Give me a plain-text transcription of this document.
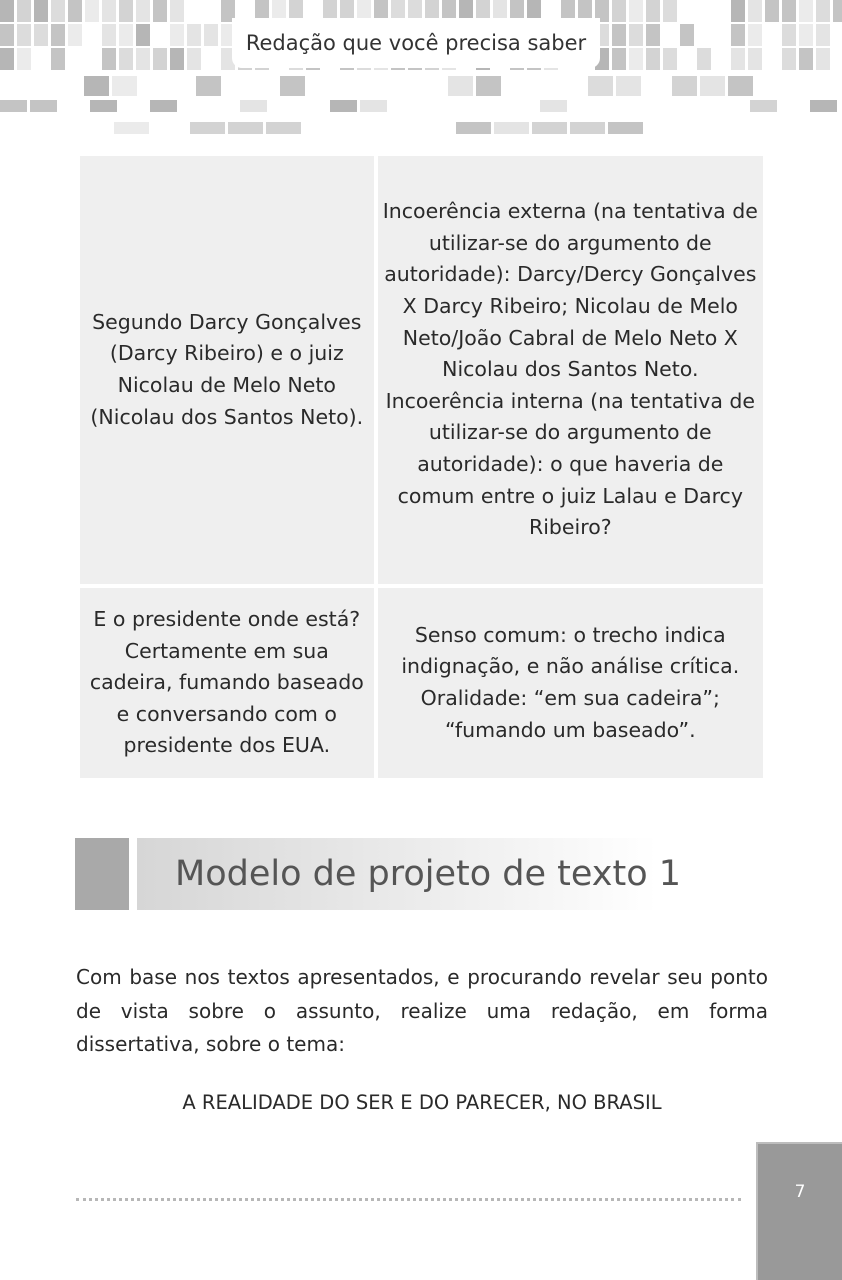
Redação que você precisa saber
Segundo Darcy Gonçalves (Darcy Ribeiro) e o juiz Nicolau de Melo Neto (Nicolau dos Santos Neto).	Incoerência externa (na tentativa de utilizar-se do argumento de autoridade): Darcy/Dercy Gonçalves X Darcy Ribeiro; Nicolau de Melo Neto/João Cabral de Melo Neto X Nicolau dos Santos Neto. Incoerência interna (na tentativa de utilizar-se do argumento de autoridade): o que haveria de comum entre o juiz Lalau e Darcy Ribeiro?
E o presidente onde está? Certamente em sua cadeira, fumando baseado e conversando com o presidente dos EUA.	Senso comum: o trecho indica indignação, e não análise crítica. Oralidade: “em sua cadeira”; “fumando um baseado”.
Modelo de projeto de texto 1

Com base nos textos apresentados, e procurando revelar seu ponto de vista sobre o assunto, realize uma redação, em forma dissertativa, sobre o tema:

A REALIDADE DO SER E DO PARECER, NO BRASIL
7
